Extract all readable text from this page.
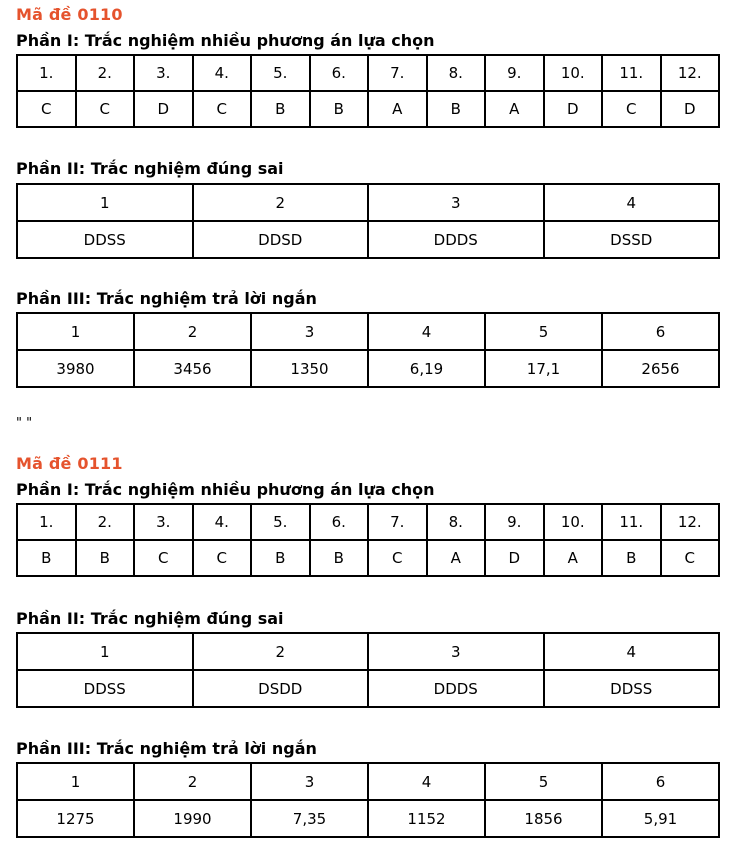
Mã đề 0110
Phần I: Trắc nghiệm nhiều phương án lựa chọn
1.	2.	3.	4.	5.	6.	7.	8.	9.	10.	11.	12.
C	C	D	C	B	B	A	B	A	D	C	D
Phần II: Trắc nghiệm đúng sai
1	2	3	4
DDSS	DDSD	DDDS	DSSD
Phần III: Trắc nghiệm trả lời ngắn
1	2	3	4	5	6
3980	3456	1350	6,19	17,1	2656
" "
Mã đề 0111
Phần I: Trắc nghiệm nhiều phương án lựa chọn
1.	2.	3.	4.	5.	6.	7.	8.	9.	10.	11.	12.
B	B	C	C	B	B	C	A	D	A	B	C
Phần II: Trắc nghiệm đúng sai
1	2	3	4
DDSS	DSDD	DDDS	DDSS
Phần III: Trắc nghiệm trả lời ngắn
1	2	3	4	5	6
1275	1990	7,35	1152	1856	5,91
